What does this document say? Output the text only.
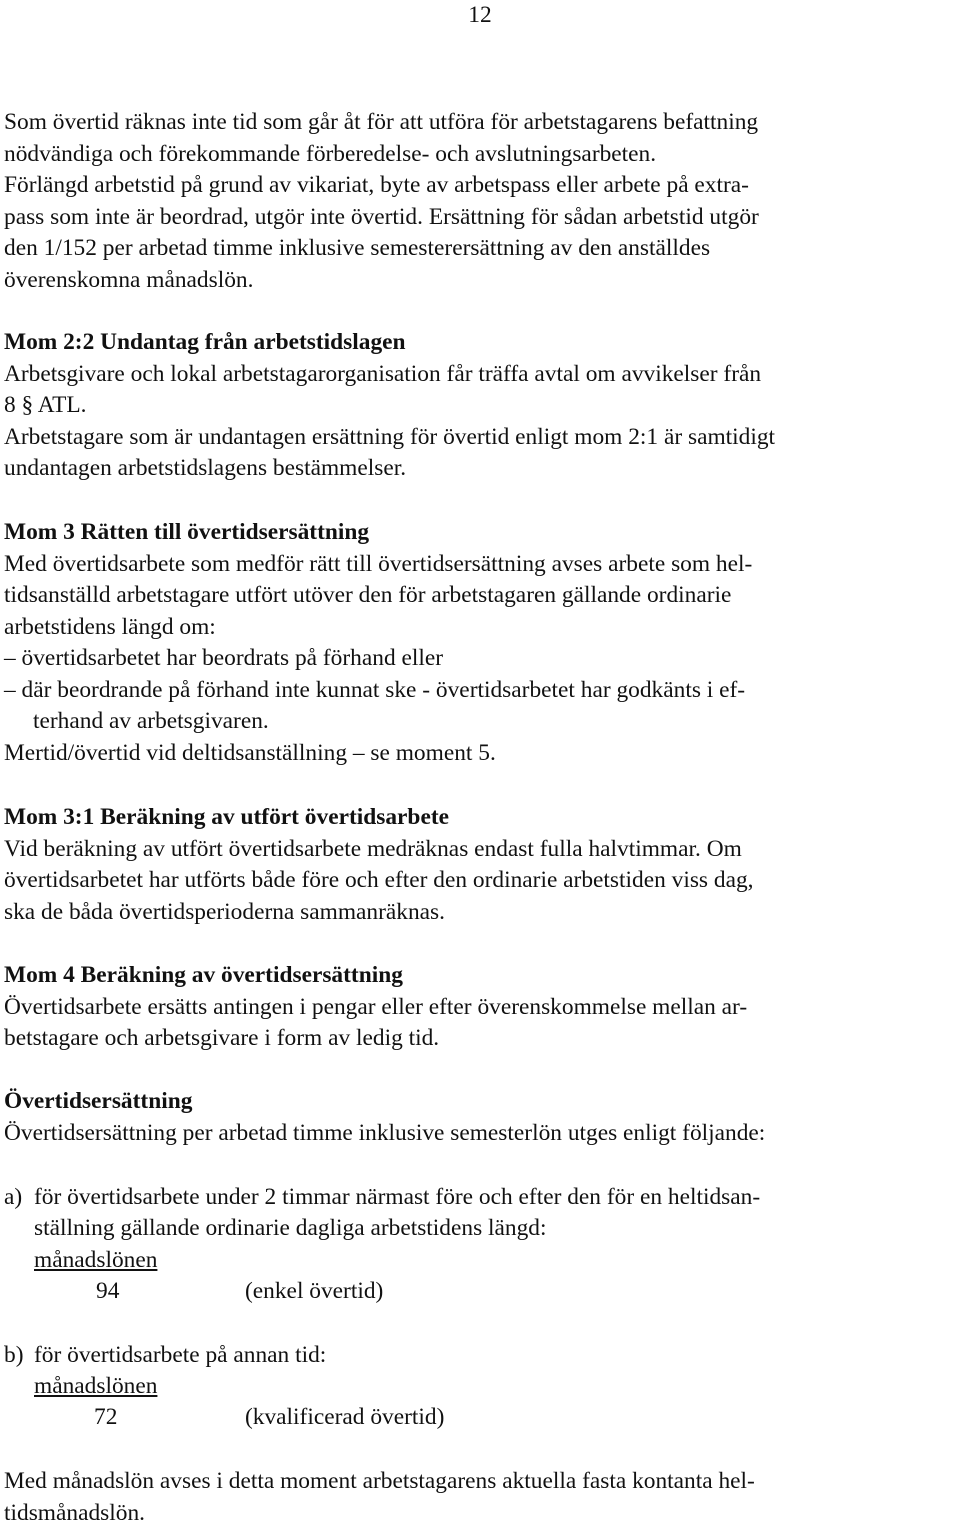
12
Som övertid räknas inte tid som går åt för att utföra för arbetstagarens befattning
nödvändiga och förekommande förberedelse- och avslutningsarbeten.
Förlängd arbetstid på grund av vikariat, byte av arbetspass eller arbete på extra-
pass som inte är beordrad, utgör inte övertid. Ersättning för sådan arbetstid utgör
den 1/152 per arbetad timme inklusive semesterersättning av den anställdes
överenskomna månadslön.
Mom 2:2 Undantag från arbetstidslagen
Arbetsgivare och lokal arbetstagarorganisation får träffa avtal om avvikelser från
8 § ATL.
Arbetstagare som är undantagen ersättning för övertid enligt mom 2:1 är samtidigt
undantagen arbetstidslagens bestämmelser.
Mom 3 Rätten till övertidsersättning
Med övertidsarbete som medför rätt till övertidsersättning avses arbete som hel-
tidsanställd arbetstagare utfört utöver den för arbetstagaren gällande ordinarie
arbetstidens längd om:
– övertidsarbetet har beordrats på förhand eller
– där beordrande på förhand inte kunnat ske - övertidsarbetet har godkänts i ef-
terhand av arbetsgivaren.
Mertid/övertid vid deltidsanställning – se moment 5.
Mom 3:1 Beräkning av utfört övertidsarbete
Vid beräkning av utfört övertidsarbete medräknas endast fulla halvtimmar. Om
övertidsarbetet har utförts både före och efter den ordinarie arbetstiden viss dag,
ska de båda övertidsperioderna sammanräknas.
Mom 4 Beräkning av övertidsersättning
Övertidsarbete ersätts antingen i pengar eller efter överenskommelse mellan ar-
betstagare och arbetsgivare i form av ledig tid.
Övertidsersättning
Övertidsersättning per arbetad timme inklusive semesterlön utges enligt följande:
a) för övertidsarbete under 2 timmar närmast före och efter den för en heltidsan-
ställning gällande ordinarie dagliga arbetstidens längd:
månadslönen
94	(enkel övertid)
b) för övertidsarbete på annan tid:
månadslönen
72	(kvalificerad övertid)
Med månadslön avses i detta moment arbetstagarens aktuella fasta kontanta hel-
tidsmånadslön.
